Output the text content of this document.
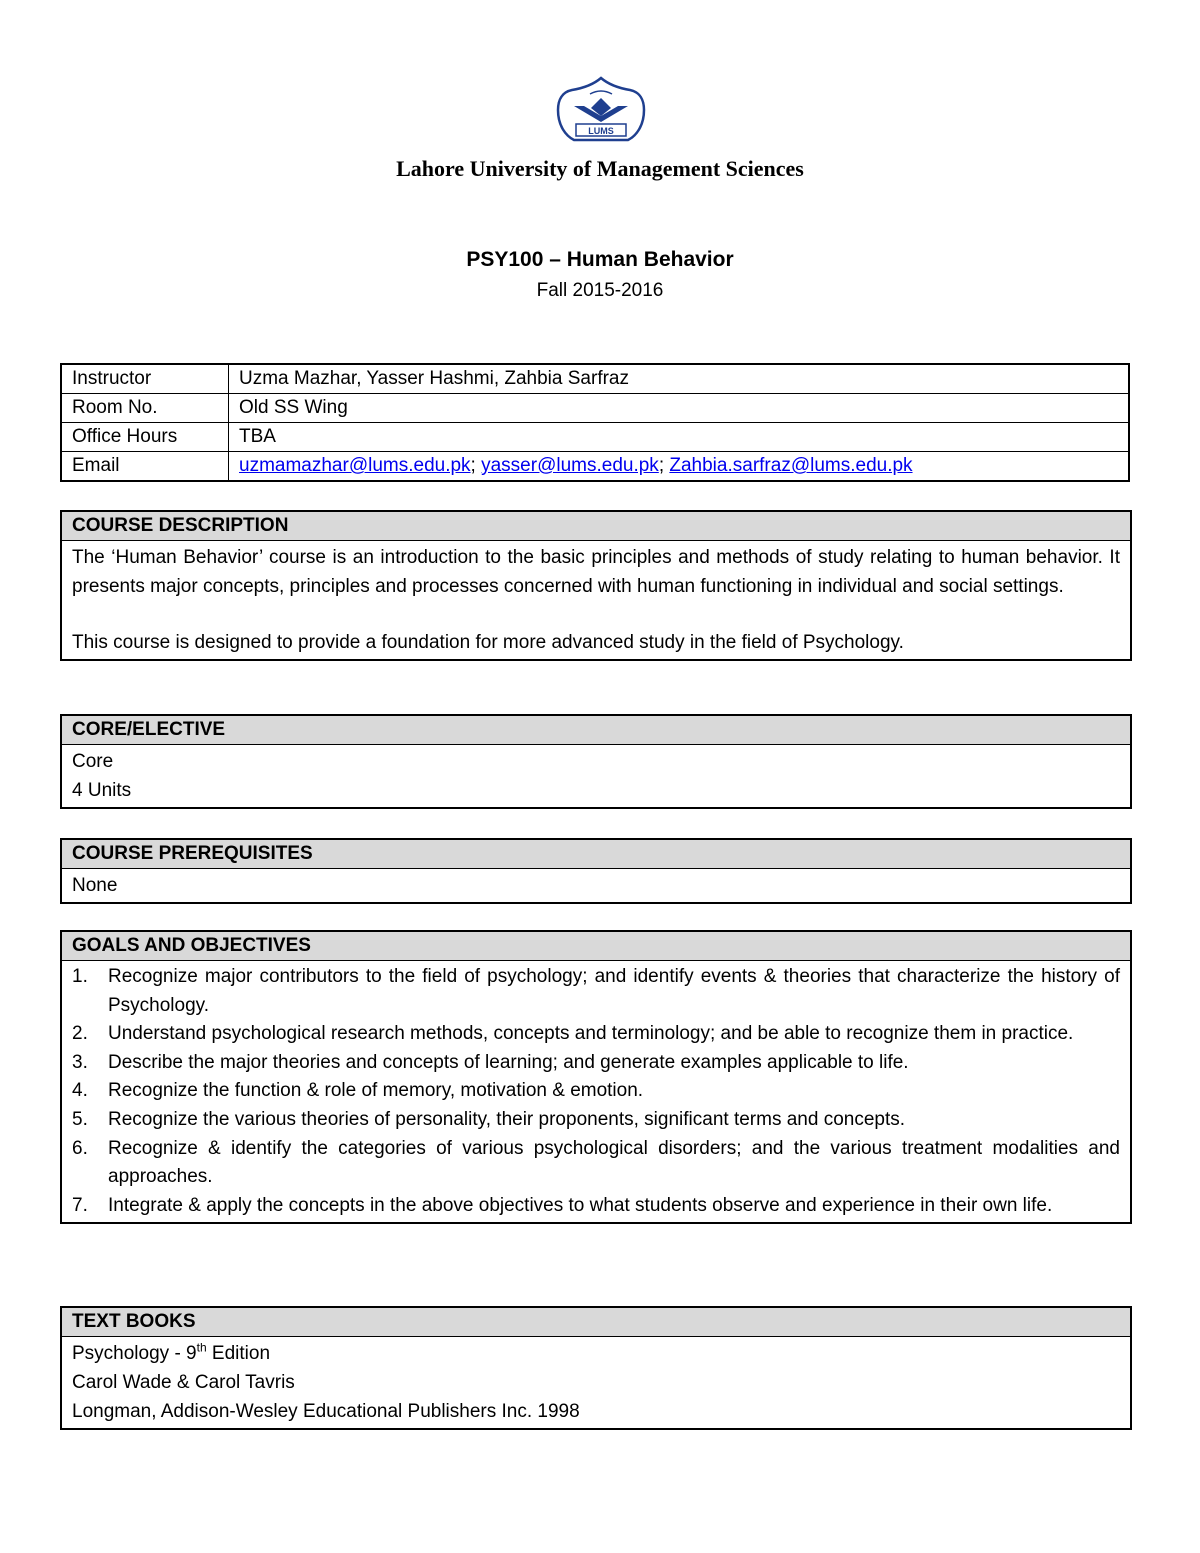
LUMS
Lahore University of Management Sciences
PSY100 – Human Behavior
Fall 2015-2016
Instructor	Uzma Mazhar, Yasser Hashmi, Zahbia Sarfraz
Room No.	Old SS Wing
Office Hours	TBA
Email	uzmamazhar@lums.edu.pk; yasser@lums.edu.pk; Zahbia.sarfraz@lums.edu.pk
COURSE DESCRIPTION
The ‘Human Behavior’ course is an introduction to the basic principles and methods of study relating to human behavior. It presents major concepts, principles and processes concerned with human functioning in individual and social settings.
This course is designed to provide a foundation for more advanced study in the field of Psychology.
CORE/ELECTIVE
Core
4 Units
COURSE PREREQUISITES
None
GOALS AND OBJECTIVES
1. Recognize major contributors to the field of psychology; and identify events & theories that characterize the history of Psychology.
2. Understand psychological research methods, concepts and terminology; and be able to recognize them in practice.
3. Describe the major theories and concepts of learning; and generate examples applicable to life.
4. Recognize the function & role of memory, motivation & emotion.
5. Recognize the various theories of personality, their proponents, significant terms and concepts.
6. Recognize & identify the categories of various psychological disorders; and the various treatment modalities and approaches.
7. Integrate & apply the concepts in the above objectives to what students observe and experience in their own life.
TEXT BOOKS
Psychology - 9th Edition
Carol Wade & Carol Tavris
Longman, Addison-Wesley Educational Publishers Inc. 1998
